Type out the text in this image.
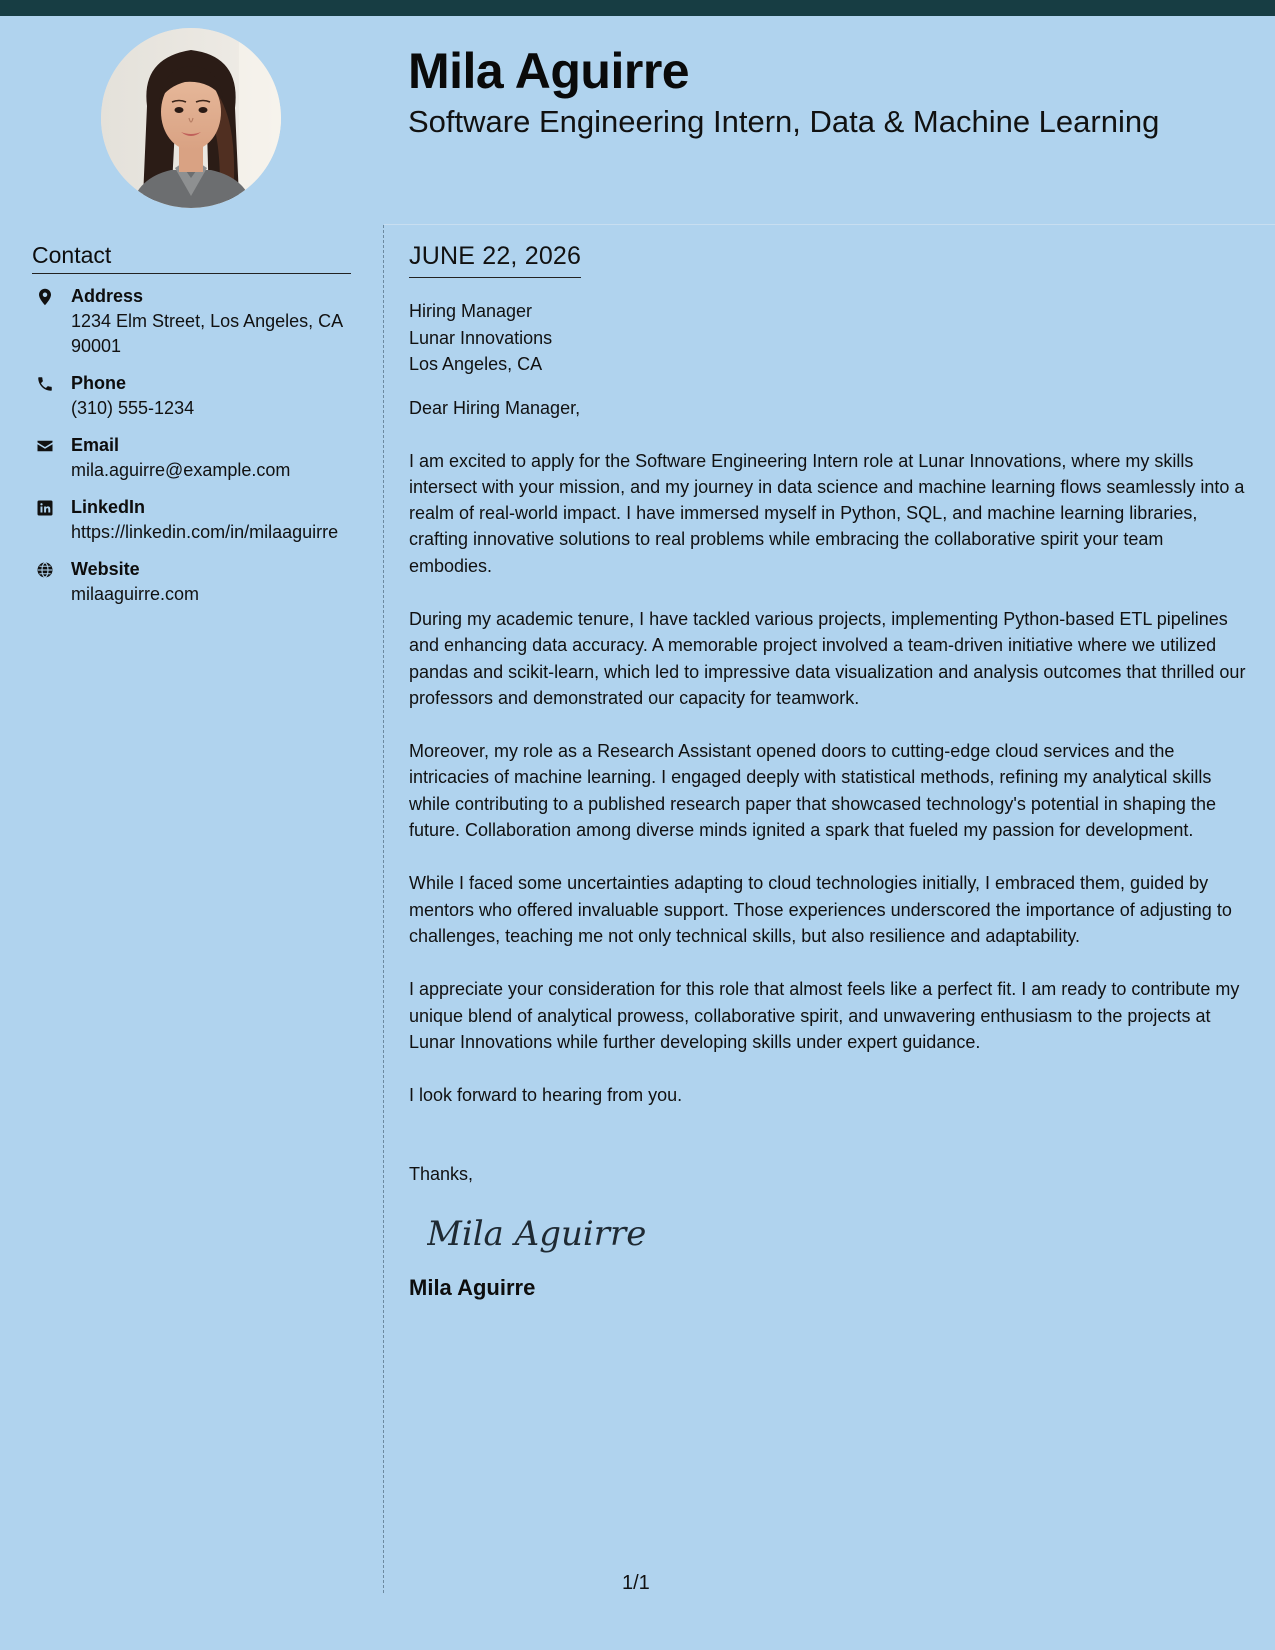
Mila Aguirre
Software Engineering Intern, Data & Machine Learning
Contact
Address
1234 Elm Street, Los Angeles, CA 90001
Phone
(310) 555-1234
Email
mila.aguirre@example.com
LinkedIn
https://linkedin.com/in/milaaguirre
Website
milaaguirre.com
JUNE 22, 2026
Hiring Manager
Lunar Innovations
Los Angeles, CA
Dear Hiring Manager,

I am excited to apply for the Software Engineering Intern role at Lunar Innovations, where my skills intersect with your mission, and my journey in data science and machine learning flows seamlessly into a realm of real-world impact. I have immersed myself in Python, SQL, and machine learning libraries, crafting innovative solutions to real problems while embracing the collaborative spirit your team embodies.

During my academic tenure, I have tackled various projects, implementing Python-based ETL pipelines and enhancing data accuracy. A memorable project involved a team-driven initiative where we utilized pandas and scikit-learn, which led to impressive data visualization and analysis outcomes that thrilled our professors and demonstrated our capacity for teamwork.

Moreover, my role as a Research Assistant opened doors to cutting-edge cloud services and the intricacies of machine learning. I engaged deeply with statistical methods, refining my analytical skills while contributing to a published research paper that showcased technology's potential in shaping the future. Collaboration among diverse minds ignited a spark that fueled my passion for development.

While I faced some uncertainties adapting to cloud technologies initially, I embraced them, guided by mentors who offered invaluable support. Those experiences underscored the importance of adjusting to challenges, teaching me not only technical skills, but also resilience and adaptability.

I appreciate your consideration for this role that almost feels like a perfect fit. I am ready to contribute my unique blend of analytical prowess, collaborative spirit, and unwavering enthusiasm to the projects at Lunar Innovations while further developing skills under expert guidance.

I look forward to hearing from you.

Thanks,
Mila Aguirre
Mila Aguirre
1/1
